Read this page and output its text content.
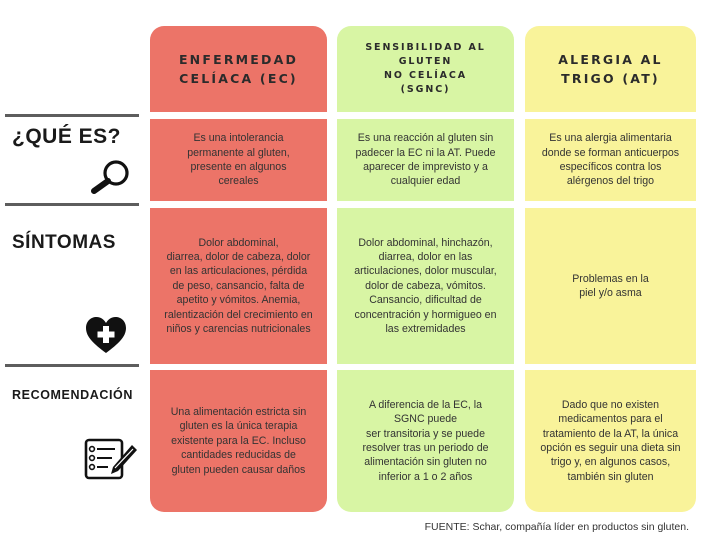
ENFERMEDAD
CELÍACA (EC)
SENSIBILIDAD AL
GLUTEN
NO CELÍACA
(SGNC)
ALERGIA AL
TRIGO (AT)
¿QUÉ ES?	Es una intolerancia
permanente al gluten,
presente en algunos
cereales
Es una reacción al gluten sin
padecer la EC ni la AT. Puede
aparecer de imprevisto y a
cualquier edad
Es una alergia alimentaria
donde se forman anticuerpos
específicos contra los
alérgenos del trigo
SÍNTOMAS	Dolor abdominal,
diarrea, dolor de cabeza, dolor
en las articulaciones, pérdida
de peso, cansancio, falta de
apetito y vómitos. Anemia,
ralentización del crecimiento en
niños y carencias nutricionales
Dolor abdominal, hinchazón,
diarrea, dolor en las
articulaciones, dolor muscular,
dolor de cabeza, vómitos.
Cansancio, dificultad de
concentración y hormigueo en
las extremidades
Problemas en la
piel y/o asma
RECOMENDACIÓN
Una alimentación estricta sin
gluten es la única terapia
existente para la EC. Incluso
cantidades reducidas de
gluten pueden causar daños
A diferencia de la EC, la
SGNC puede
ser transitoria y se puede
resolver tras un periodo de
alimentación sin gluten no
inferior a 1 o 2 años
Dado que no existen
medicamentos para el
tratamiento de la AT, la única
opción es seguir una dieta sin
trigo y, en algunos casos,
también sin gluten
FUENTE: Schar, compañía líder en productos sin gluten.
